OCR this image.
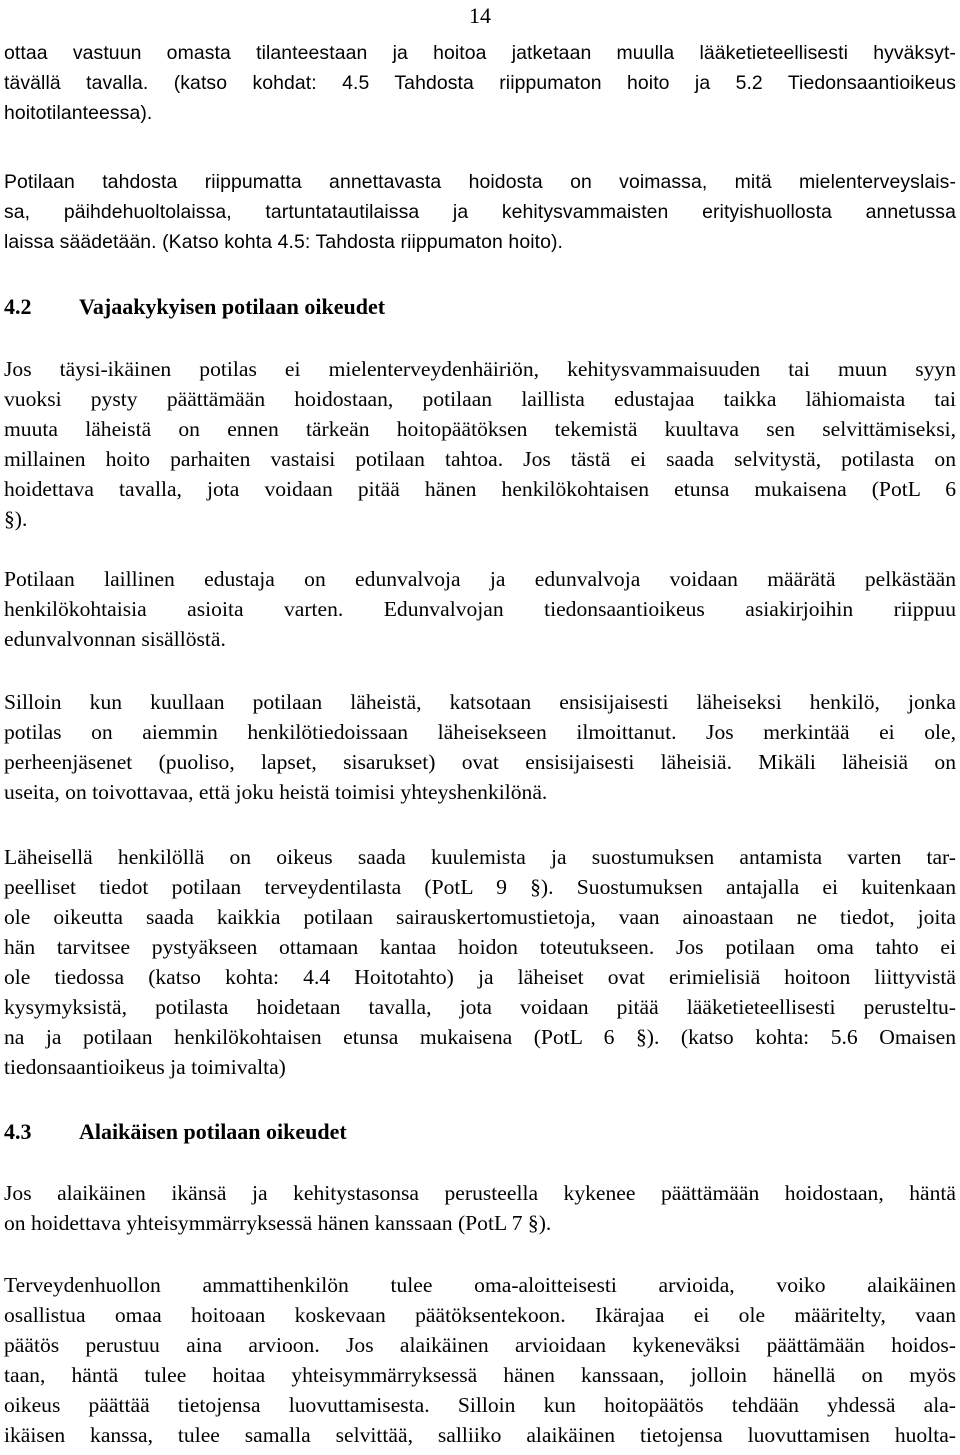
14
ottaa vastuun omasta tilanteestaan ja hoitoa jatketaan muulla lääketieteellisesti hyväksyt-
tävällä tavalla. (katso kohdat: 4.5 Tahdosta riippumaton hoito ja 5.2 Tiedonsaantioikeus
hoitotilanteessa).
Potilaan tahdosta riippumatta annettavasta hoidosta on voimassa, mitä mielenterveyslais-
sa, päihdehuoltolaissa, tartuntatautilaissa ja kehitysvammaisten erityishuollosta annetussa
laissa säädetään. (Katso kohta 4.5: Tahdosta riippumaton hoito).
4.2 Vajaakykyisen potilaan oikeudet
Jos täysi-ikäinen potilas ei mielenterveydenhäiriön, kehitysvammaisuuden tai muun syyn
vuoksi pysty päättämään hoidostaan, potilaan laillista edustajaa taikka lähiomaista tai
muuta läheistä on ennen tärkeän hoitopäätöksen tekemistä kuultava sen selvittämiseksi,
millainen hoito parhaiten vastaisi potilaan tahtoa. Jos tästä ei saada selvitystä, potilasta on
hoidettava tavalla, jota voidaan pitää hänen henkilökohtaisen etunsa mukaisena (PotL 6
§).
Potilaan laillinen edustaja on edunvalvoja ja edunvalvoja voidaan määrätä pelkästään
henkilökohtaisia asioita varten. Edunvalvojan tiedonsaantioikeus asiakirjoihin riippuu
edunvalvonnan sisällöstä.
Silloin kun kuullaan potilaan läheistä, katsotaan ensisijaisesti läheiseksi henkilö, jonka
potilas on aiemmin henkilötiedoissaan läheisekseen ilmoittanut. Jos merkintää ei ole,
perheenjäsenet (puoliso, lapset, sisarukset) ovat ensisijaisesti läheisiä. Mikäli läheisiä on
useita, on toivottavaa, että joku heistä toimisi yhteyshenkilönä.
Läheisellä henkilöllä on oikeus saada kuulemista ja suostumuksen antamista varten tar-
peelliset tiedot potilaan terveydentilasta (PotL 9 §). Suostumuksen antajalla ei kuitenkaan
ole oikeutta saada kaikkia potilaan sairauskertomustietoja, vaan ainoastaan ne tiedot, joita
hän tarvitsee pystyäkseen ottamaan kantaa hoidon toteutukseen. Jos potilaan oma tahto ei
ole tiedossa (katso kohta: 4.4 Hoitotahto) ja läheiset ovat erimielisiä hoitoon liittyvistä
kysymyksistä, potilasta hoidetaan tavalla, jota voidaan pitää lääketieteellisesti perusteltu-
na ja potilaan henkilökohtaisen etunsa mukaisena (PotL 6 §). (katso kohta: 5.6 Omaisen
tiedonsaantioikeus ja toimivalta)
4.3 Alaikäisen potilaan oikeudet
Jos alaikäinen ikänsä ja kehitystasonsa perusteella kykenee päättämään hoidostaan, häntä
on hoidettava yhteisymmärryksessä hänen kanssaan (PotL 7 §).
Terveydenhuollon ammattihenkilön tulee oma-aloitteisesti arvioida, voiko alaikäinen
osallistua omaa hoitoaan koskevaan päätöksentekoon. Ikärajaa ei ole määritelty, vaan
päätös perustuu aina arvioon. Jos alaikäinen arvioidaan kykeneväksi päättämään hoidos-
taan, häntä tulee hoitaa yhteisymmärryksessä hänen kanssaan, jolloin hänellä on myös
oikeus päättää tietojensa luovuttamisesta. Silloin kun hoitopäätös tehdään yhdessä ala-
ikäisen kanssa, tulee samalla selvittää, salliiko alaikäinen tietojensa luovuttamisen huolta-
